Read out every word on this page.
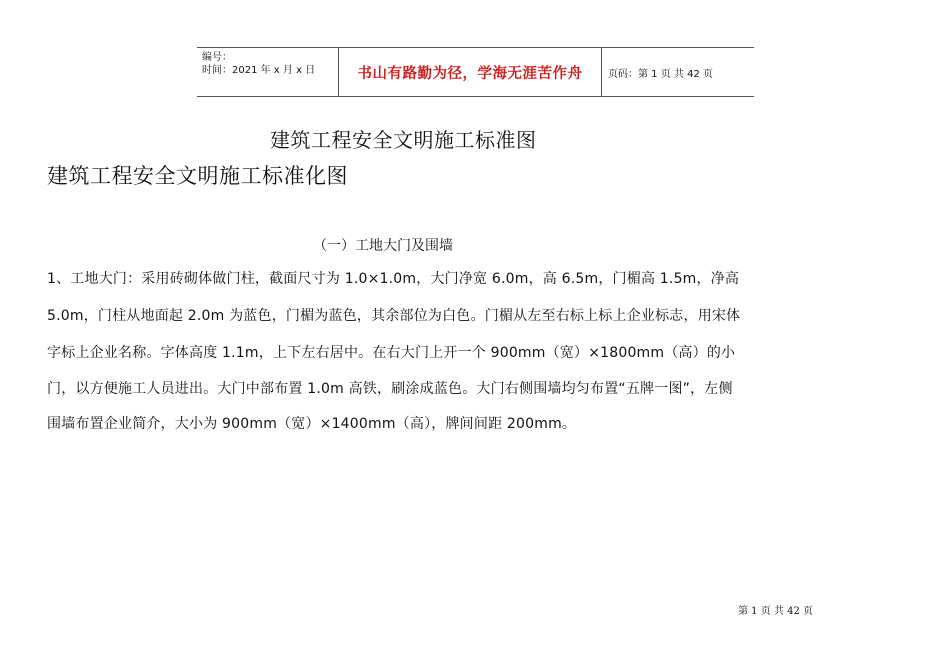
编号：
时间：2021 年 x 月 x 日	书山有路勤为径，学海无涯苦作舟	页码：第 1 页 共 42 页
建筑工程安全文明施工标准图
建筑工程安全文明施工标准化图
（一）工地大门及围墙
1、工地大门：采用砖砌体做门柱，截面尺寸为 1.0×1.0m，大门净宽 6.0m，高 6.5m，门楣高 1.5m，净高
5.0m，门柱从地面起 2.0m 为蓝色，门楣为蓝色，其余部位为白色。门楣从左至右标上标上企业标志，用宋体
字标上企业名称。字体高度 1.1m，上下左右居中。在右大门上开一个 900mm（宽）×1800mm（高）的小
门，以方便施工人员进出。大门中部布置 1.0m 高铁，刷涂成蓝色。大门右侧围墙均匀布置“五牌一图”，左侧
围墙布置企业简介，大小为 900mm（宽）×1400mm（高），牌间间距 200mm。
第 1 页 共 42 页
